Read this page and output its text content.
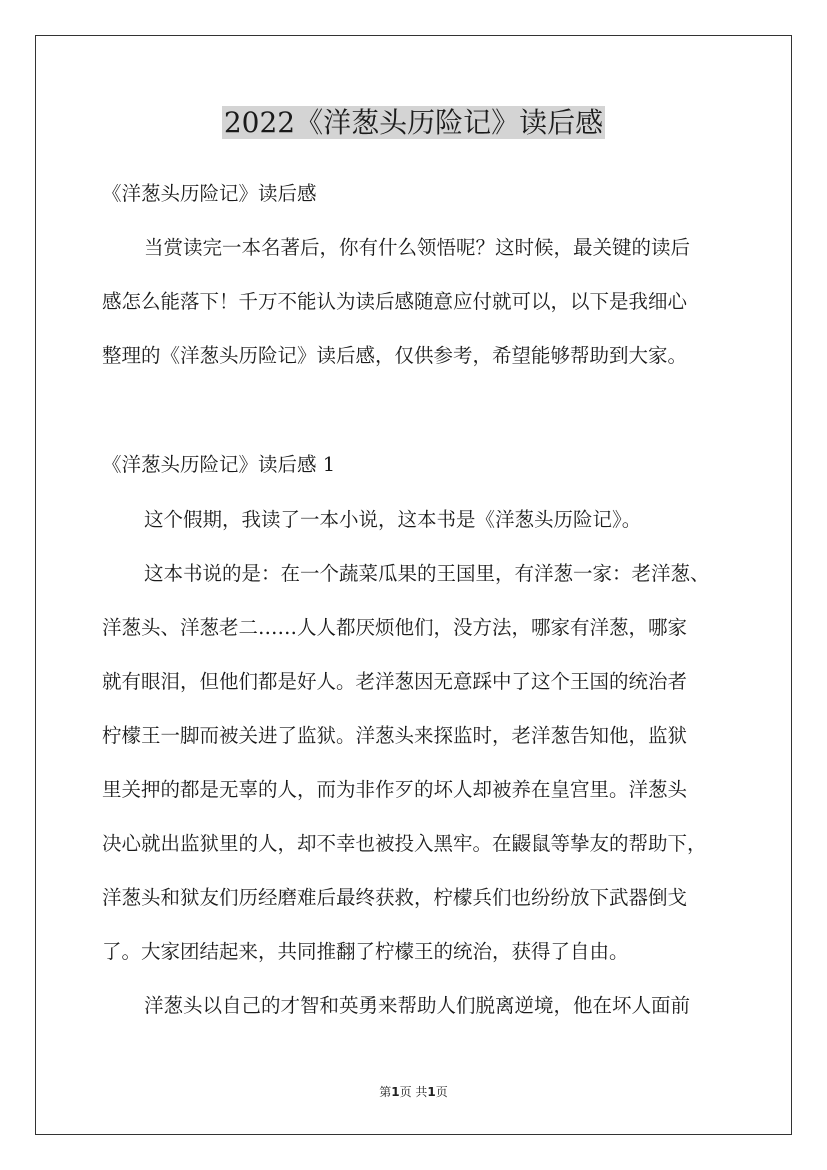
2022《洋葱头历险记》读后感

《洋葱头历险记》读后感

当赏读完一本名著后，你有什么领悟呢？这时候，最关键的读后

感怎么能落下！千万不能认为读后感随意应付就可以，以下是我细心

整理的《洋葱头历险记》读后感，仅供参考，希望能够帮助到大家。

《洋葱头历险记》读后感 1

这个假期，我读了一本小说，这本书是《洋葱头历险记》。

这本书说的是：在一个蔬菜瓜果的王国里，有洋葱一家：老洋葱、

洋葱头、洋葱老二……人人都厌烦他们，没方法，哪家有洋葱，哪家

就有眼泪，但他们都是好人。老洋葱因无意踩中了这个王国的统治者

柠檬王一脚而被关进了监狱。洋葱头来探监时，老洋葱告知他，监狱

里关押的都是无辜的人，而为非作歹的坏人却被养在皇宫里。洋葱头

决心就出监狱里的人，却不幸也被投入黑牢。在鼹鼠等挚友的帮助下，

洋葱头和狱友们历经磨难后最终获救，柠檬兵们也纷纷放下武器倒戈

了。大家团结起来，共同推翻了柠檬王的统治，获得了自由。

洋葱头以自己的才智和英勇来帮助人们脱离逆境，他在坏人面前

第1页 共1页
